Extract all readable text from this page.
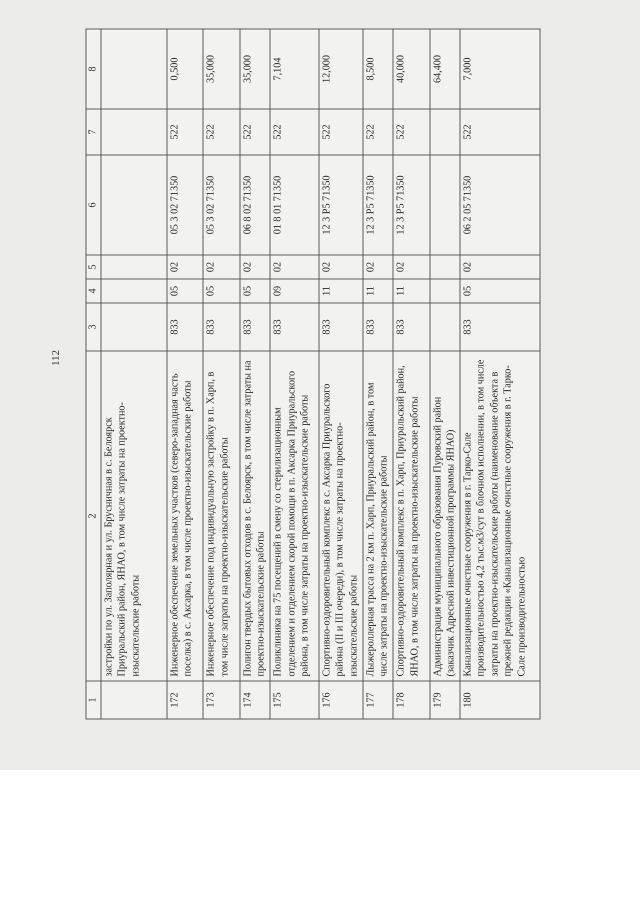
112
1	2	3	4	5	6	7	8
	застройки по ул. Заполярная и ул. Брусничная в с. Белоярск Приуральский район, ЯНАО, в том числе затраты на проектно-изыскательские работы						
172	Инженерное обеспечение земельных участков (северо-западная часть поселка) в с. Аксарка, в том числе проектно-изыскательские работы	833	05	02	05 3 02 71350	522	0,500
173	Инженерное обеспечение под индивидуальную застройку в п. Харп, в том числе затраты на проектно-изыскательские работы	833	05	02	05 3 02 71350	522	35,000
174	Полигон твердых бытовых отходов в с. Белоярск, в том числе затраты на проектно-изыскательские работы	833	05	02	06 8 02 71350	522	35,000
175	Поликлиника на 75 посещений в смену со стерилизационным отделением и отделением скорой помощи в п. Аксарка Приуральского района, в том числе затраты на проектно-изыскательские работы	833	09	02	01 8 01 71350	522	7,104
176	Спортивно-оздоровительный комплекс в с. Аксарка Приуральского района (II и III очереди), в том числе затраты на проектно-изыскательские работы	833	11	02	12 3 P5 71350	522	12,000
177	Лыжероллерная трасса на 2 км п. Харп, Приуральский район, в том числе затраты на проектно-изыскательские работы	833	11	02	12 3 P5 71350	522	8,500
178	Спортивно-оздоровительный комплекс в п. Харп, Приуральский район, ЯНАО, в том числе затраты на проектно-изыскательские работы	833	11	02	12 3 P5 71350	522	40,000
179	Администрация муниципального образования Пуровский район (заказчик Адресной инвестиционной программы ЯНАО)						64,400
180	Канализационные очистные сооружения в г. Тарко-Сале производительностью 4,2 тыс.м3/сут в блочном исполнении, в том числе затраты на проектно-изыскательские работы (наименование объекта в прежней редакции «Канализационные очистные сооружения в г. Тарко-Сале производительностью	833	05	02	06 2 05 71350	522	7,000
